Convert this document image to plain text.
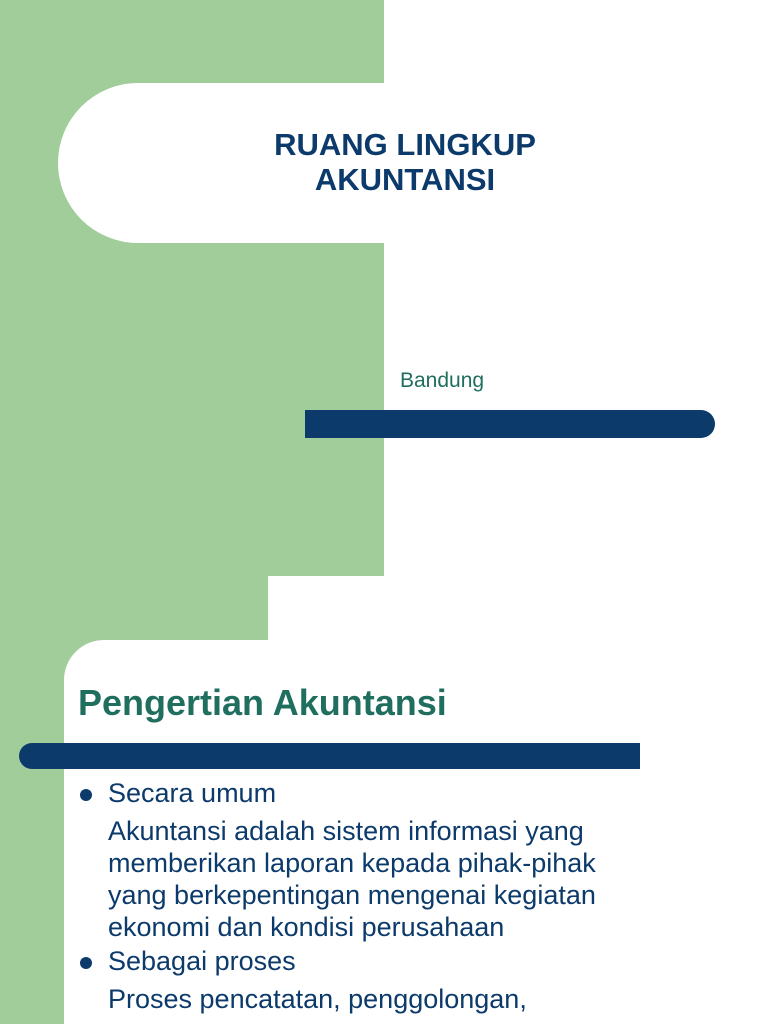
RUANG LINGKUP
AKUNTANSI
Bandung
Pengertian Akuntansi
Secara umum
Akuntansi adalah sistem informasi yang
memberikan laporan kepada pihak-pihak
yang berkepentingan mengenai kegiatan
ekonomi dan kondisi perusahaan
Sebagai proses
Proses pencatatan, penggolongan,
